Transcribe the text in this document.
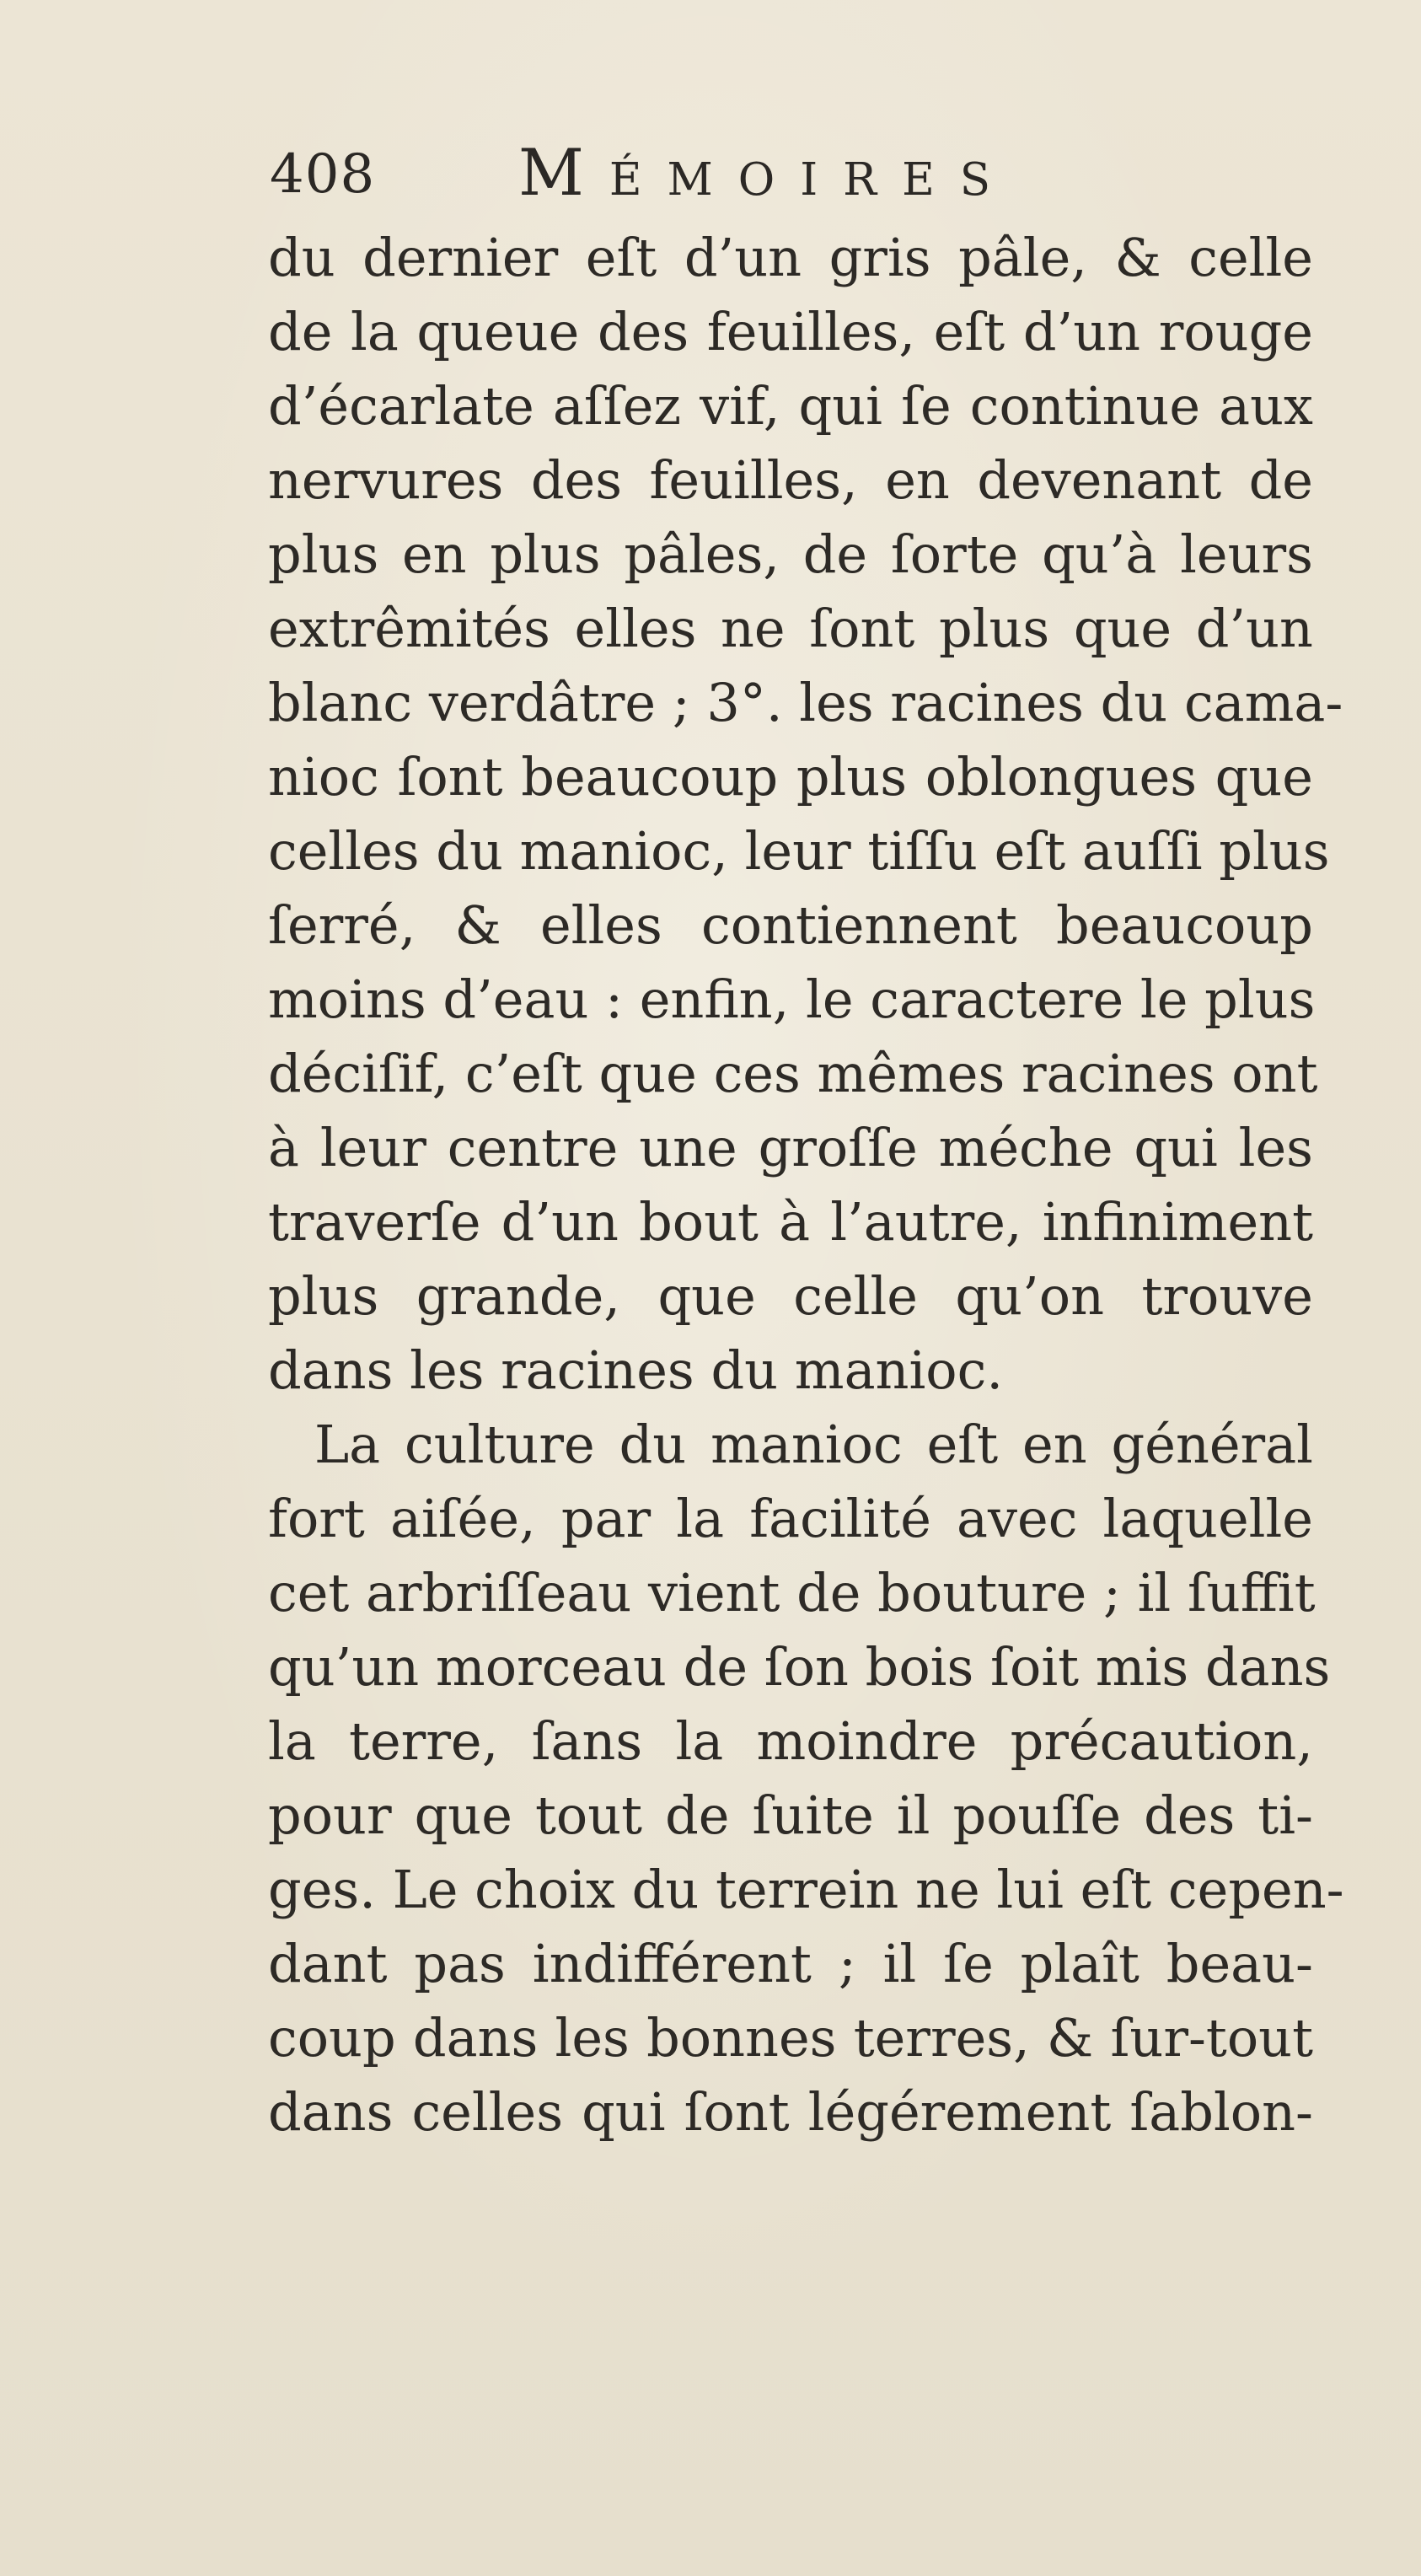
408 Mémoires
du dernier eſt d’un gris pâle, & celle
de la queue des feuilles, eſt d’un rouge
d’écarlate aſſez vif, qui ſe continue aux
nervures des feuilles, en devenant de
plus en plus pâles, de ſorte qu’à leurs
extrêmités elles ne ſont plus que d’un
blanc verdâtre ; 3°. les racines du cama-
nioc ſont beaucoup plus oblongues que
celles du manioc, leur tiſſu eſt auſſi plus
ſerré, & elles contiennent beaucoup
moins d’eau : enfin, le caractere le plus
déciſif, c’eſt que ces mêmes racines ont
à leur centre une groſſe méche qui les
traverſe d’un bout à l’autre, infiniment
plus grande, que celle qu’on trouve
dans les racines du manioc.
La culture du manioc eſt en général
fort aiſée, par la facilité avec laquelle
cet arbriſſeau vient de bouture ; il ſuffit
qu’un morceau de ſon bois ſoit mis dans
la terre, ſans la moindre précaution,
pour que tout de ſuite il pouſſe des ti-
ges. Le choix du terrein ne lui eſt cepen-
dant pas indifférent ; il ſe plaît beau-
coup dans les bonnes terres, & ſur-tout
dans celles qui ſont légérement ſablon-
